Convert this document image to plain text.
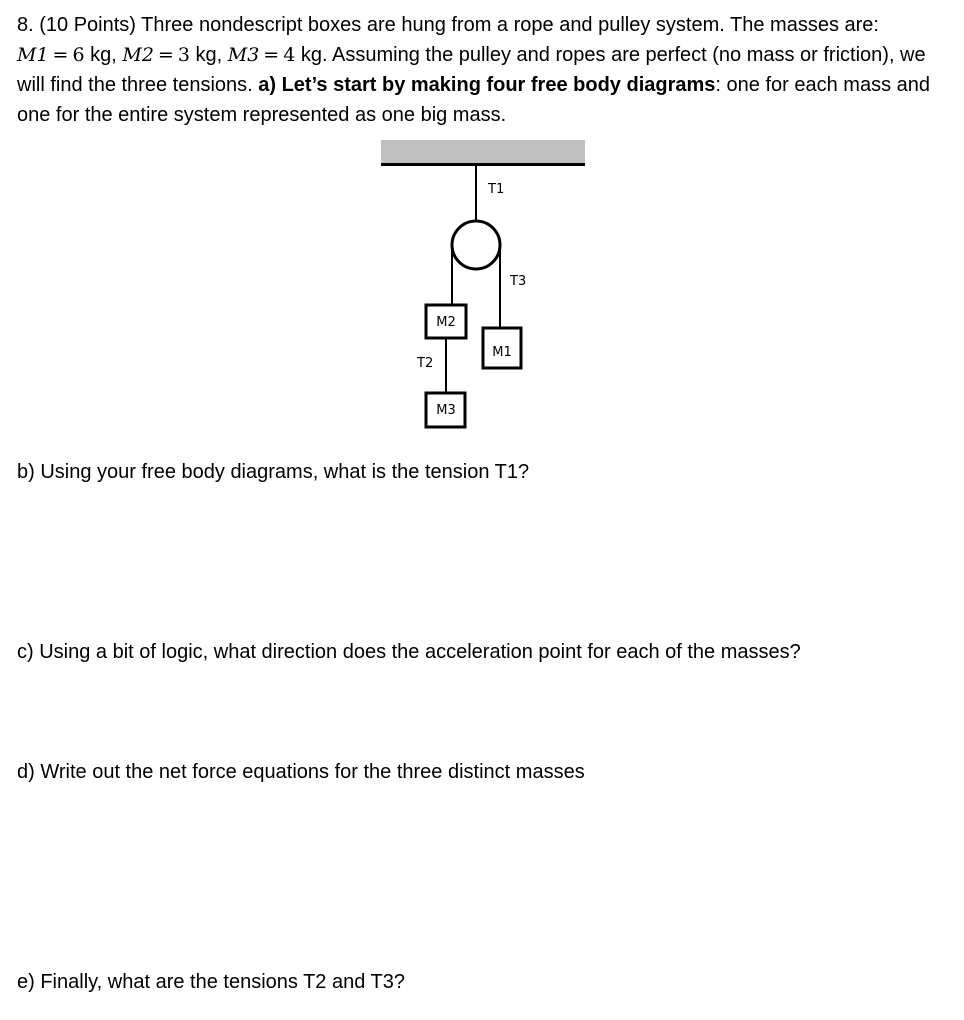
8. (10 Points) Three nondescript boxes are hung from a rope and pulley system. The masses are: M1 = 6 kg, M2 = 3 kg, M3 = 4 kg. Assuming the pulley and ropes are perfect (no mass or friction), we will find the three tensions. a) Let’s start by making four free body diagrams: one for each mass and one for the entire system represented as one big mass.
T1
T3
T2
M2
M1
M3
b) Using your free body diagrams, what is the tension T1?
c) Using a bit of logic, what direction does the acceleration point for each of the masses?
d) Write out the net force equations for the three distinct masses
e) Finally, what are the tensions T2 and T3?
